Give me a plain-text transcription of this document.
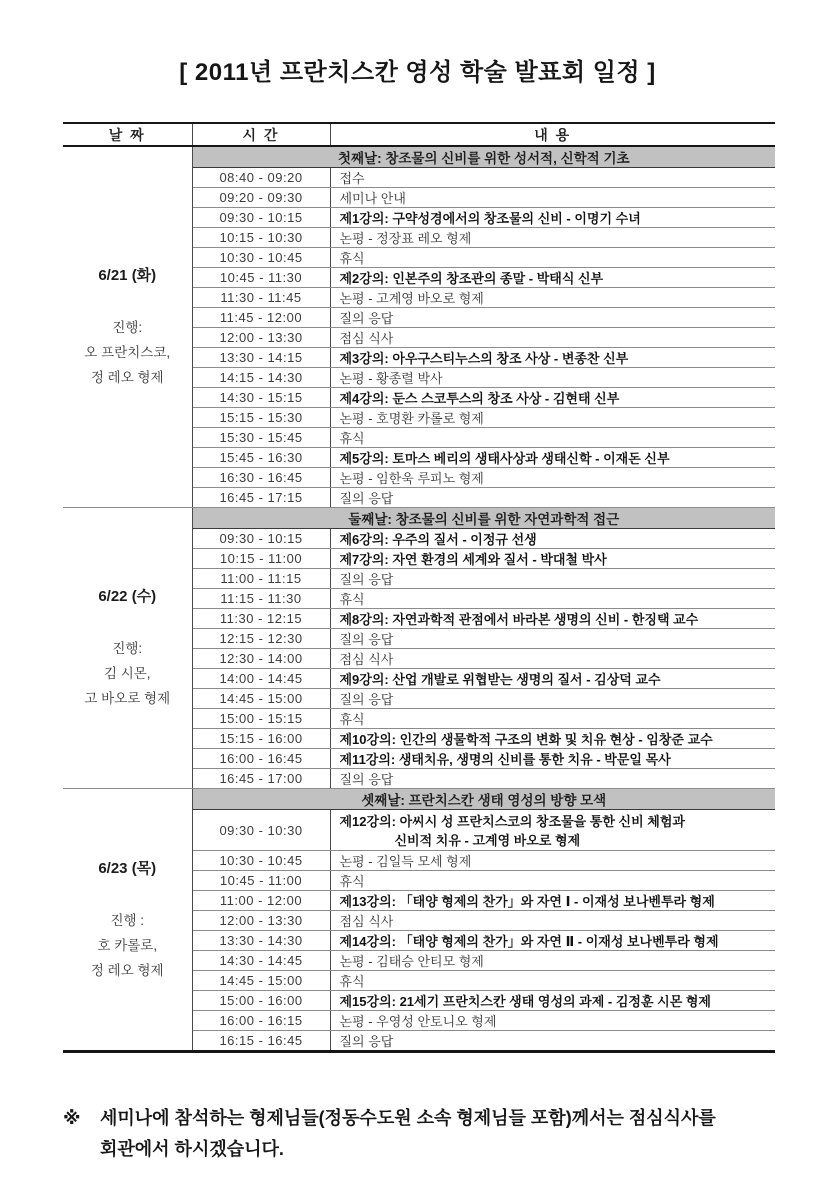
[ 2011년 프란치스칸 영성 학술 발표회 일정 ]
날 짜	시 간	내 용

6/21 (화)
진행:
오 프란치스코,
정 레오 형제	첫째날: 창조물의 신비를 위한 성서적, 신학적 기초	
	08:40 - 09:20	접수
	09:20 - 09:30	세미나 안내
	09:30 - 10:15	제1강의: 구약성경에서의 창조물의 신비 - 이명기 수녀
	10:15 - 10:30	논평 - 정장표 레오 형제
	10:30 - 10:45	휴식
	10:45 - 11:30	제2강의: 인본주의 창조관의 종말 - 박태식 신부
	11:30 - 11:45	논평 - 고계영 바오로 형제
	11:45 - 12:00	질의 응답
	12:00 - 13:30	점심 식사
	13:30 - 14:15	제3강의: 아우구스티누스의 창조 사상 - 변종찬 신부
	14:15 - 14:30	논평 - 황종렬 박사
	14:30 - 15:15	제4강의: 둔스 스코투스의 창조 사상 - 김현태 신부
	15:15 - 15:30	논평 - 호명환 카롤로 형제
	15:30 - 15:45	휴식
	15:45 - 16:30	제5강의: 토마스 베리의 생태사상과 생태신학 - 이재돈 신부
	16:30 - 16:45	논평 - 임한욱 루피노 형제
	16:45 - 17:15	질의 응답

6/22 (수)
진행:
김 시몬,
고 바오로 형제	둘째날: 창조물의 신비를 위한 자연과학적 접근	
	09:30 - 10:15	제6강의: 우주의 질서 - 이정규 선생
	10:15 - 11:00	제7강의: 자연 환경의 세계와 질서 - 박대철 박사
	11:00 - 11:15	질의 응답
	11:15 - 11:30	휴식
	11:30 - 12:15	제8강의: 자연과학적 관점에서 바라본 생명의 신비 - 한징택 교수
	12:15 - 12:30	질의 응답
	12:30 - 14:00	점심 식사
	14:00 - 14:45	제9강의: 산업 개발로 위협받는 생명의 질서 - 김상덕 교수
	14:45 - 15:00	질의 응답
	15:00 - 15:15	휴식
	15:15 - 16:00	제10강의: 인간의 생물학적 구조의 변화 및 치유 현상 - 임창준 교수
	16:00 - 16:45	제11강의: 생태치유, 생명의 신비를 통한 치유 - 박문일 목사
	16:45 - 17:00	질의 응답

6/23 (목)
진행 :
호 카롤로,
정 레오 형제	셋째날: 프란치스칸 생태 영성의 방향 모색	
	09:30 - 10:30	제12강의: 아씨시 성 프란치스코의 창조물을 통한 신비 체험과
신비적 치유 - 고계영 바오로 형제

	10:30 - 10:45	논평 - 김일득 모세 형제
	10:45 - 11:00	휴식
	11:00 - 12:00	제13강의: 「태양 형제의 찬가」와 자연 Ⅰ - 이재성 보나벤투라 형제
	12:00 - 13:30	점심 식사
	13:30 - 14:30	제14강의: 「태양 형제의 찬가」와 자연 Ⅱ - 이재성 보나벤투라 형제
	14:30 - 14:45	논평 - 김태승 안티모 형제
	14:45 - 15:00	휴식
	15:00 - 16:00	제15강의: 21세기 프란치스칸 생태 영성의 과제 - 김정훈 시몬 형제
	16:00 - 16:15	논평 - 우영성 안토니오 형제
	16:15 - 16:45	질의 응답
※	세미나에 참석하는 형제님들(정동수도원 소속 형제님들 포함)께서는 점심식사를
회관에서 하시겠습니다.
